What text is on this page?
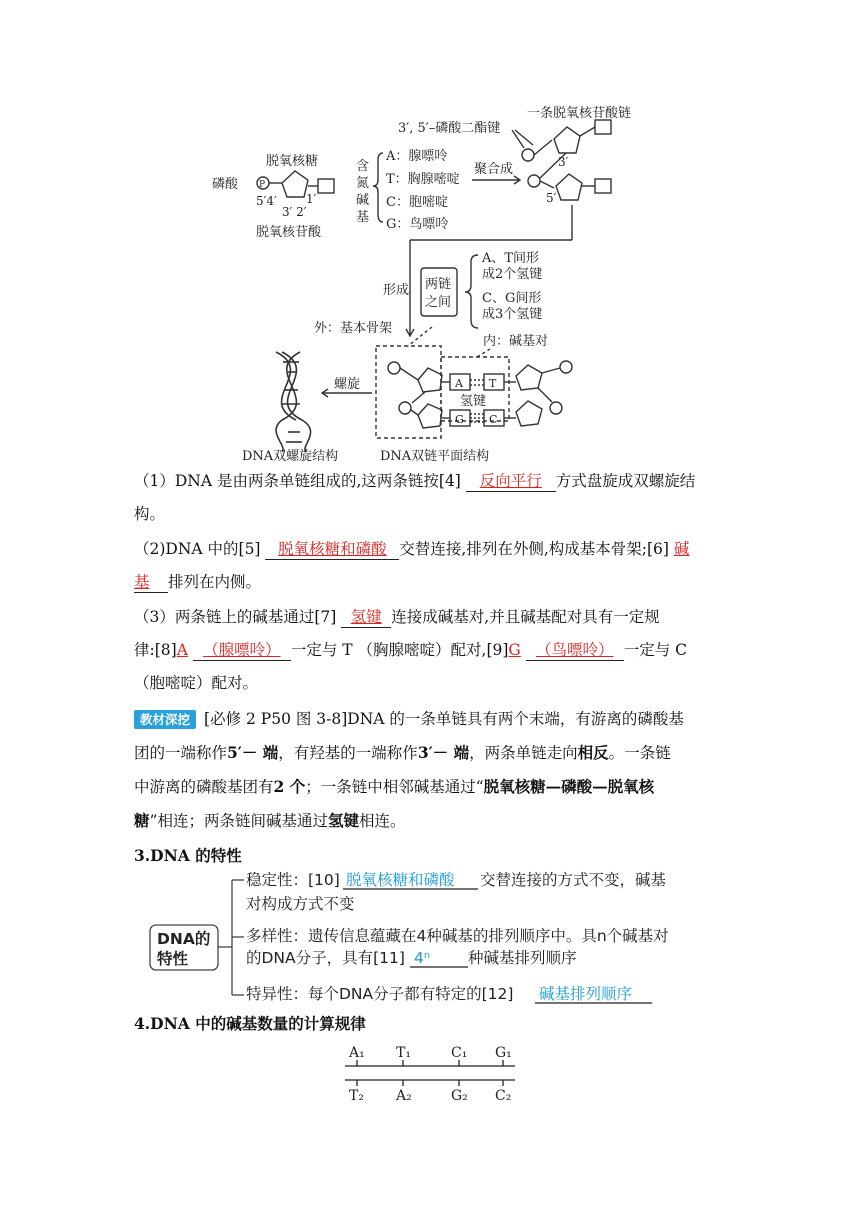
磷酸 P
脱氧核糖
5′4′ 1′
3′ 2′
脱氧核苷酸
含
氮
碱
基
A：腺嘌呤
T：胸腺嘧啶
C：胞嘧啶
G：鸟嘌呤
聚合成
3′, 5′–磷酸二酯键
一条脱氧核苷酸链
3′
5′
形成 两链
之间
A、T间形
成2个氢键
C、G间形
成3个氢键
外：基本骨架
内：碱基对
A T
G C
氢键
螺旋
DNA双螺旋结构	DNA双链平面结构
（1）DNA 是由两条单链组成的,这两条链按[4] 反向平行 方式盘旋成双螺旋结
构。
（2)DNA 中的[5] 脱氧核糖和磷酸 交替连接,排列在外侧,构成基本骨架;[6] 碱
基 排列在内侧。
（3）两条链上的碱基通过[7] 氢键 连接成碱基对,并且碱基配对具有一定规
律:[8]A （腺嘌呤） 一定与 T （胸腺嘧啶）配对,[9]G （鸟嘌呤） 一定与 C
（胞嘧啶）配对。
教材深挖 [必修 2 P50 图 3-8]DNA 的一条单链具有两个末端，有游离的磷酸基
团的一端称作5′－ 端，有羟基的一端称作3′－ 端，两条单链走向相反。一条链
中游离的磷酸基团有2 个；一条链中相邻碱基通过“脱氧核糖—磷酸—脱氧核
糖”相连；两条链间碱基通过氢键相连。
3.DNA 的特性
DNA的
特性
稳定性：[10] 脱氧核糖和磷酸 交替连接的方式不变，碱基
对构成方式不变
多样性：遗传信息蕴藏在4种碱基的排列顺序中。具n个碱基对
的DNA分子，具有[11] 4ⁿ 种碱基排列顺序
特异性：每个DNA分子都有特定的[12] 碱基排列顺序
4.DNA 中的碱基数量的计算规律
A₁ T₁	C₁ G₁
T₂ A₂	G₂ C₂
